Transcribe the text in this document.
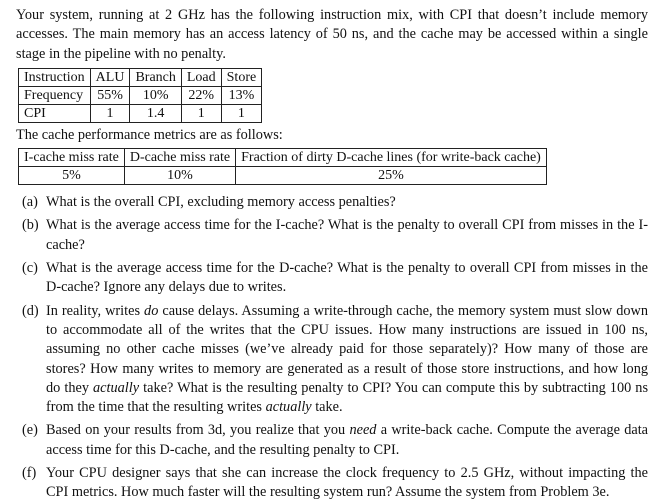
Your system, running at 2 GHz has the following instruction mix, with CPI that doesn’t include memory accesses. The main memory has an access latency of 50 ns, and the cache may be accessed within a single stage in the pipeline with no penalty.

Instruction	ALU	Branch	Load	Store
Frequency	55%	10%	22%	13%
CPI	1	1.4	1	1

The cache performance metrics are as follows:

I-cache miss rate	D-cache miss rate	Fraction of dirty D-cache lines (for write-back cache)
5%	10%	25%
(a) What is the overall CPI, excluding memory access penalties?
(b) What is the average access time for the I-cache? What is the penalty to overall CPI from misses in the I-cache?
(c) What is the average access time for the D-cache? What is the penalty to overall CPI from misses in the D-cache? Ignore any delays due to writes.
(d) In reality, writes do cause delays. Assuming a write-through cache, the memory system must slow down to accommodate all of the writes that the CPU issues. How many instructions are issued in 100 ns, assuming no other cache misses (we’ve already paid for those separately)? How many of those are stores? How many writes to memory are generated as a result of those store instructions, and how long do they actually take? What is the resulting penalty to CPI? You can compute this by subtracting 100 ns from the time that the resulting writes actually take.
(e) Based on your results from 3d, you realize that you need a write-back cache. Compute the average data access time for this D-cache, and the resulting penalty to CPI.
(f) Your CPU designer says that she can increase the clock frequency to 2.5 GHz, without impacting the CPI metrics. How much faster will the resulting system run? Assume the system from Problem 3e.
